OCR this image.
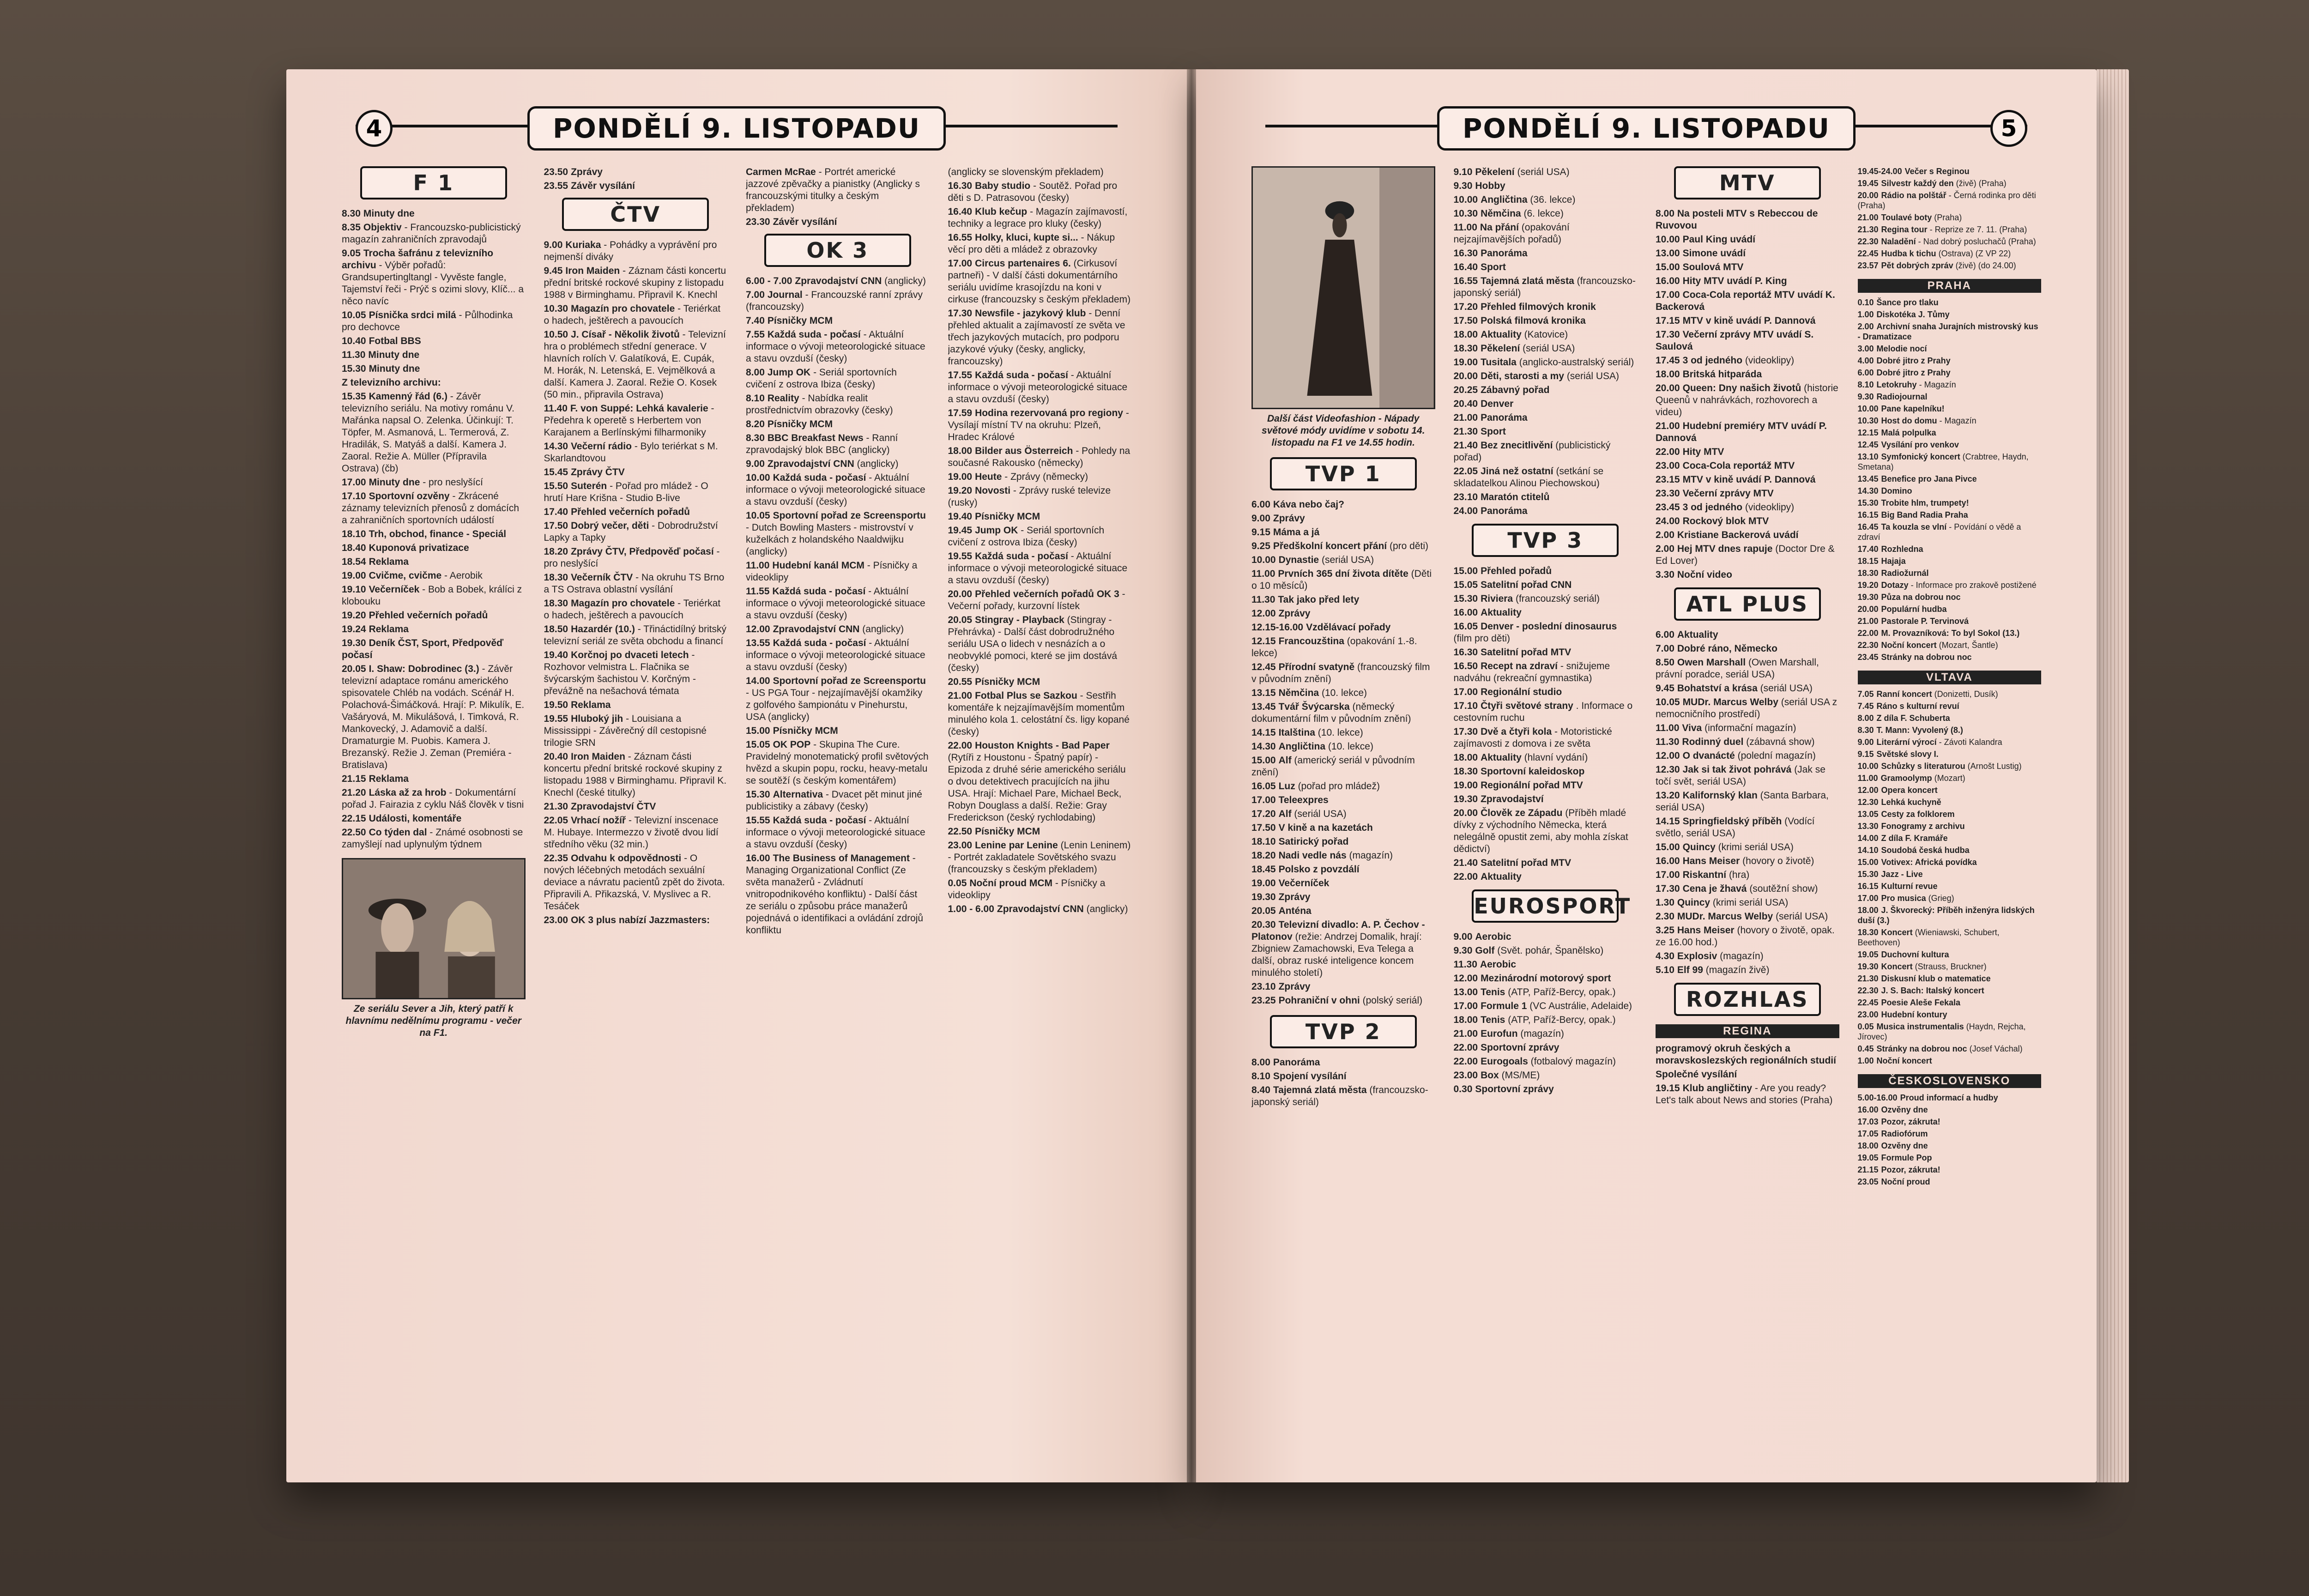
4	PONDĚLÍ 9. LISTOPADU
F 1
8.30 Minuty dne
8.35 Objektiv - Francouzsko-publicistický magazín zahraničních zpravodajů
9.05 Trocha šafránu z televizního archivu - Výběr pořadů: Grandsupertingltangl - Vyvěste fangle, Tajemství řeči - Prýč s ozimi slovy, Klíč... a něco navíc
10.05 Písnička srdci milá - Půlhodinka pro dechovce
10.40 Fotbal BBS
11.30 Minuty dne
15.30 Minuty dne
Z televizního archivu:
15.35 Kamenný řád (6.) - Závěr televizního seriálu. Na motivy románu V. Mařánka napsal O. Zelenka. Účinkují: T. Töpfer, M. Asmanová, L. Termerová, Z. Hradilák, S. Matyáš a další. Kamera J. Zaoral. Režie A. Müller (Přípravila Ostrava) (čb)
17.00 Minuty dne - pro neslyšící
17.10 Sportovní ozvěny - Zkrácené záznamy televizních přenosů z domácích a zahraničních sportovních událostí
18.10 Trh, obchod, finance - Speciál
18.40 Kuponová privatizace
18.54 Reklama
19.00 Cvičme, cvičme - Aerobik
19.10 Večerníček - Bob a Bobek, králíci z klobouku
19.20 Přehled večerních pořadů
19.24 Reklama
19.30 Deník ČST, Sport, Předpověď počasí
20.05 I. Shaw: Dobrodinec (3.) - Závěr televizní adaptace románu amerického spisovatele Chléb na vodách. Scénář H. Polachová-Šimáčková. Hrají: P. Mikulík, E. Vašáryová, M. Mikulášová, I. Timková, R. Mankovecký, J. Adamovič a další. Dramaturgie M. Puobis. Kamera J. Brezanský. Režie J. Zeman (Premiéra - Bratislava)
21.15 Reklama
21.20 Láska až za hrob - Dokumentární pořad J. Fairazia z cyklu Náš člověk v tisni
22.15 Události, komentáře
22.50 Co týden dal - Známé osobnosti se zamyšlejí nad uplynulým týdnem
Ze seriálu Sever a Jih, který patří k hlavnímu nedělnímu programu - večer na F1.
23.50 Zprávy
23.55 Závěr vysílání
ČTV
9.00 Kuriaka - Pohádky a vyprávění pro nejmenší diváky
9.45 Iron Maiden - Záznam části koncertu přední britské rockové skupiny z listopadu 1988 v Birminghamu. Připravil K. Knechl
10.30 Magazín pro chovatele - Teriérkat o hadech, ještěrech a pavoucích
10.50 J. Císař - Několik životů - Televizní hra o problémech střední generace. V hlavních rolích V. Galatíková, E. Cupák, M. Horák, N. Letenská, E. Vejmělková a další. Kamera J. Zaoral. Režie O. Kosek (50 min., připravila Ostrava)
11.40 F. von Suppé: Lehká kavalerie - Předehra k operetě s Herbertem von Karajanem a Berlínskými filharmoniky
14.30 Večerní rádio - Bylo teriérkat s M. Skarlandtovou
15.45 Zprávy ČTV
15.50 Suterén - Pořad pro mládež - O hrutí Hare Krišna - Studio B-live
17.40 Přehled večerních pořadů
17.50 Dobrý večer, děti - Dobrodružství Lapky a Tapky
18.20 Zprávy ČTV, Předpověď počasí - pro neslyšící
18.30 Večerník ČTV - Na okruhu TS Brno a TS Ostrava oblastní vysílání
18.30 Magazín pro chovatele - Teriérkat o hadech, ještěrech a pavoucích
18.50 Hazardér (10.) - Třináctidílný britský televizní seriál ze světa obchodu a financí
19.40 Korčnoj po dvaceti letech - Rozhovor velmistra L. Flačnika se švýcarským šachistou V. Korčným - převážně na nešachová témata
19.50 Reklama
19.55 Hluboký jih - Louisiana a Mississippi - Závěrečný díl cestopisné trilogie SRN
20.40 Iron Maiden - Záznam části koncertu přední britské rockové skupiny z listopadu 1988 v Birminghamu. Připravil K. Knechl (české titulky)
21.30 Zpravodajství ČTV
22.05 Vrhací nožíř - Televizní inscenace M. Hubaye. Intermezzo v životě dvou lidí středního věku (32 min.)
22.35 Odvahu k odpovědnosti - O nových léčebných metodách sexuální deviace a návratu pacientů zpět do života. Připravili A. Přikazská, V. Myslivec a R. Tesáček
23.00 OK 3 plus nabízí Jazzmasters:
Carmen McRae - Portrét americké jazzové zpěvačky a pianistky (Anglicky s francouzskými titulky a českým překladem)
23.30 Závěr vysílání
OK 3
6.00 - 7.00 Zpravodajství CNN (anglicky)
7.00 Journal - Francouzské ranní zprávy (francouzsky)
7.40 Písničky MCM
7.55 Každá suda - počasí - Aktuální informace o vývoji meteorologické situace a stavu ovzduší (česky)
8.00 Jump OK - Seriál sportovních cvičení z ostrova Ibiza (česky)
8.10 Reality - Nabídka realit prostřednictvím obrazovky (česky)
8.20 Písničky MCM
8.30 BBC Breakfast News - Ranní zpravodajský blok BBC (anglicky)
9.00 Zpravodajství CNN (anglicky)
10.00 Každá suda - počasí - Aktuální informace o vývoji meteorologické situace a stavu ovzduší (česky)
10.05 Sportovní pořad ze Screensportu - Dutch Bowling Masters - mistrovství v kuželkách z holandského Naaldwijku (anglicky)
11.00 Hudební kanál MCM - Písničky a videoklipy
11.55 Každá suda - počasí - Aktuální informace o vývoji meteorologické situace a stavu ovzduší (česky)
12.00 Zpravodajství CNN (anglicky)
13.55 Každá suda - počasí - Aktuální informace o vývoji meteorologické situace a stavu ovzduší (česky)
14.00 Sportovní pořad ze Screensportu - US PGA Tour - nejzajímavější okamžiky z golfového šampionátu v Pinehurstu, USA (anglicky)
15.00 Písničky MCM
15.05 OK POP - Skupina The Cure. Pravidelný monotematický profil světových hvězd a skupin popu, rocku, heavy-metalu se soutěží (s českým komentářem)
15.30 Alternativa - Dvacet pět minut jiné publicistiky a zábavy (česky)
15.55 Každá suda - počasí - Aktuální informace o vývoji meteorologické situace a stavu ovzduší (česky)
16.00 The Business of Management - Managing Organizational Conflict (Ze světa manažerů - Zvládnutí vnitropodnikového konfliktu) - Další část ze seriálu o způsobu práce manažerů pojednává o identifikaci a ovládání zdrojů konfliktu
(anglicky se slovenským překladem)
16.30 Baby studio - Soutěž. Pořad pro děti s D. Patrasovou (česky)
16.40 Klub kečup - Magazín zajímavostí, techniky a legrace pro kluky (česky)
16.55 Holky, kluci, kupte si... - Nákup věcí pro děti a mládež z obrazovky
17.00 Circus partenaires 6. (Cirkusoví partneři) - V další části dokumentárního seriálu uvidíme krasojízdu na koni v cirkuse (francouzsky s českým překladem)
17.30 Newsfile - jazykový klub - Denní přehled aktualit a zajímavostí ze světa ve třech jazykových mutacích, pro podporu jazykové výuky (česky, anglicky, francouzsky)
17.55 Každá suda - počasí - Aktuální informace o vývoji meteorologické situace a stavu ovzduší (česky)
17.59 Hodina rezervovaná pro regiony - Vysílají místní TV na okruhu: Plzeň, Hradec Králové
18.00 Bilder aus Österreich - Pohledy na současné Rakousko (německy)
19.00 Heute - Zprávy (německy)
19.20 Novosti - Zprávy ruské televize (rusky)
19.40 Písničky MCM
19.45 Jump OK - Seriál sportovních cvičení z ostrova Ibiza (česky)
19.55 Každá suda - počasí - Aktuální informace o vývoji meteorologické situace a stavu ovzduší (česky)
20.00 Přehled večerních pořadů OK 3 - Večerní pořady, kurzovní lístek
20.05 Stingray - Playback (Stingray - Přehrávka) - Další část dobrodružného seriálu USA o lidech v nesnázích a o neobvyklé pomoci, které se jim dostává (česky)
20.55 Písničky MCM
21.00 Fotbal Plus se Sazkou - Sestřih komentáře k nejzajímavějším momentům minulého kola 1. celostátní čs. ligy kopané (česky)
22.00 Houston Knights - Bad Paper (Rytíři z Houstonu - Špatný papír) - Epizoda z druhé série amerického seriálu o dvou detektivech pracujících na jihu USA. Hrají: Michael Pare, Michael Beck, Robyn Douglass a další. Režie: Gray Frederickson (český rychlodabing)
22.50 Písničky MCM
23.00 Lenine par Lenine (Lenin Leninem) - Portrét zakladatele Sovětského svazu (francouzsky s českým překladem)
0.05 Noční proud MCM - Písničky a videoklipy
1.00 - 6.00 Zpravodajství CNN (anglicky)
PONDĚLÍ 9. LISTOPADU	5
Další část Videofashion - Nápady světové módy uvidíme v sobotu 14. listopadu na F1 ve 14.55 hodin.
TVP 1
6.00 Káva nebo čaj?
9.00 Zprávy
9.15 Máma a já
9.25 Předškolní koncert přání (pro děti)
10.00 Dynastie (seriál USA)
11.00 Prvních 365 dní života dítěte (Děti o 10 měsíců)
11.30 Tak jako před lety
12.00 Zprávy
12.15-16.00 Vzdělávací pořady
12.15 Francouzština (opakování 1.-8. lekce)
12.45 Přírodní svatyně (francouzský film v původním znění)
13.15 Němčina (10. lekce)
13.45 Tvář Švýcarska (německý dokumentární film v původním znění)
14.15 Italština (10. lekce)
14.30 Angličtina (10. lekce)
15.00 Alf (americký seriál v původním znění)
16.05 Luz (pořad pro mládež)
17.00 Teleexpres
17.20 Alf (seriál USA)
17.50 V kině a na kazetách
18.10 Satirický pořad
18.20 Nadi vedle nás (magazín)
18.45 Polsko z povzdálí
19.00 Večerníček
19.30 Zprávy
20.05 Anténa
20.30 Televizní divadlo: A. P. Čechov - Platonov (režie: Andrzej Domalik, hrají: Zbigniew Zamachowski, Eva Telega a další, obraz ruské inteligence koncem minulého století)
23.10 Zprávy
23.25 Pohraniční v ohni (polský seriál)
TVP 2
8.00 Panoráma
8.10 Spojení vysílání
8.40 Tajemná zlatá města (francouzsko-japonský seriál)
9.10 Pěkelení (seriál USA)
9.30 Hobby
10.00 Angličtina (36. lekce)
10.30 Němčina (6. lekce)
11.00 Na přání (opakování nejzajímavějších pořadů)
16.30 Panoráma
16.40 Sport
16.55 Tajemná zlatá města (francouzsko-japonský seriál)
17.20 Přehled filmových kronik
17.50 Polská filmová kronika
18.00 Aktuality (Katovice)
18.30 Pěkelení (seriál USA)
19.00 Tusitala (anglicko-australský seriál)
20.00 Děti, starosti a my (seriál USA)
20.25 Zábavný pořad
20.40 Denver
21.00 Panoráma
21.30 Sport
21.40 Bez znecitlivění (publicistický pořad)
22.05 Jiná než ostatní (setkání se skladatelkou Alinou Piechowskou)
23.10 Maratón ctitelů
24.00 Panoráma
TVP 3
15.00 Přehled pořadů
15.05 Satelitní pořad CNN
15.30 Riviera (francouzský seriál)
16.00 Aktuality
16.05 Denver - poslední dinosaurus (film pro děti)
16.30 Satelitní pořad MTV
16.50 Recept na zdraví - snižujeme nadváhu (rekreační gymnastika)
17.00 Regionální studio
17.10 Čtyři světové strany . Informace o cestovním ruchu
17.30 Dvě a čtyři kola - Motoristické zajímavosti z domova i ze světa
18.00 Aktuality (hlavní vydání)
18.30 Sportovní kaleidoskop
19.00 Regionální pořad MTV
19.30 Zpravodajství
20.00 Člověk ze Západu (Příběh mladé dívky z východního Německa, která nelegálně opustit zemi, aby mohla získat dědictví)
21.40 Satelitní pořad MTV
22.00 Aktuality
EUROSPORT
9.00 Aerobic
9.30 Golf (Svět. pohár, Španělsko)
11.30 Aerobic
12.00 Mezinárodní motorový sport
13.00 Tenis (ATP, Paříž-Bercy, opak.)
17.00 Formule 1 (VC Austrálie, Adelaide)
18.00 Tenis (ATP, Paříž-Bercy, opak.)
21.00 Eurofun (magazín)
22.00 Sportovní zprávy
22.00 Eurogoals (fotbalový magazín)
23.00 Box (MS/ME)
0.30 Sportovní zprávy
MTV
8.00 Na posteli MTV s Rebeccou de Ruvovou
10.00 Paul King uvádí
13.00 Simone uvádí
15.00 Soulová MTV
16.00 Hity MTV uvádí P. King
17.00 Coca-Cola reportáž MTV uvádí K. Backerová
17.15 MTV v kině uvádí P. Dannová
17.30 Večerní zprávy MTV uvádí S. Saulová
17.45 3 od jedného (videoklipy)
18.00 Britská hitparáda
20.00 Queen: Dny našich životů (historie Queenů v nahrávkách, rozhovorech a videu)
21.00 Hudební premiéry MTV uvádí P. Dannová
22.00 Hity MTV
23.00 Coca-Cola reportáž MTV
23.15 MTV v kině uvádí P. Dannová
23.30 Večerní zprávy MTV
23.45 3 od jedného (videoklipy)
24.00 Rockový blok MTV
2.00 Kristiane Backerová uvádí
2.00 Hej MTV dnes rapuje (Doctor Dre & Ed Lover)
3.30 Noční video
ATL PLUS
6.00 Aktuality
7.00 Dobré ráno, Německo
8.50 Owen Marshall (Owen Marshall, právní poradce, seriál USA)
9.45 Bohatství a krása (seriál USA)
10.05 MUDr. Marcus Welby (seriál USA z nemocničního prostředí)
11.00 Viva (informační magazín)
11.30 Rodinný duel (zábavná show)
12.00 O dvanácté (polední magazín)
12.30 Jak si tak život pohrává (Jak se točí svět, seriál USA)
13.20 Kalifornský klan (Santa Barbara, seriál USA)
14.15 Springfieldský příběh (Vodící světlo, seriál USA)
15.00 Quincy (krimi seriál USA)
16.00 Hans Meiser (hovory o životě)
17.00 Riskantní (hra)
17.30 Cena je žhavá (soutěžní show)
1.30 Quincy (krimi seriál USA)
2.30 MUDr. Marcus Welby (seriál USA)
3.25 Hans Meiser (hovory o životě, opak. ze 16.00 hod.)
4.30 Explosiv (magazín)
5.10 Elf 99 (magazín živě)
ROZHLAS
REGINA
programový okruh českých a moravskoslezských regionálních studií
Společné vysílání
19.15 Klub angličtiny - Are you ready? Let's talk about News and stories (Praha)
19.45-24.00 Večer s Reginou
19.45 Silvestr každý den (živě) (Praha)
20.00 Rádio na polštář - Černá rodinka pro děti (Praha)
21.00 Toulavé boty (Praha)
21.30 Regina tour - Reprize ze 7. 11. (Praha)
22.30 Naladění - Nad dobrý posluchačů (Praha)
22.45 Hudba k tichu (Ostrava) (Z VP 22)
23.57 Pět dobrých zpráv (živě) (do 24.00)
PRAHA
0.10 Šance pro tlaku
1.00 Diskotéka J. Tůmy
2.00 Archivní snaha Jurajních mistrovský kus - Dramatizace
3.00 Melodie nocí
4.00 Dobré jitro z Prahy
6.00 Dobré jitro z Prahy
8.10 Letokruhy - Magazín
9.30 Radiojournal
10.00 Pane kapelníku!
10.30 Host do domu - Magazín
12.15 Malá polpulka
12.45 Vysílání pro venkov
13.10 Symfonický koncert (Crabtree, Haydn, Smetana)
13.45 Benefice pro Jana Pivce
14.30 Domino
15.30 Trobite hlm, trumpety!
16.15 Big Band Radia Praha
16.45 Ta kouzla se vlní - Povídání o vědě a zdraví
17.40 Rozhledna
18.15 Hajaja
18.30 Radiožurnál
19.20 Dotazy - Informace pro zrakově postižené
19.30 Půza na dobrou noc
20.00 Populární hudba
21.00 Pastorale P. Tervinová
22.00 M. Provazníková: To byl Sokol (13.)
22.30 Noční koncert (Mozart, Šantle)
23.45 Stránky na dobrou noc
VLTAVA
7.05 Ranní koncert (Donizetti, Dusík)
7.45 Ráno s kulturní revuí
8.00 Z díla F. Schuberta
8.30 T. Mann: Vyvolený (8.)
9.00 Literární výrocí - Závoti Kalandra
9.15 Světské slovy I.
10.00 Schůzky s literaturou (Arnošt Lustig)
11.00 Gramoolymp (Mozart)
12.00 Opera koncert
12.30 Lehká kuchyně
13.05 Cesty za folklorem
13.30 Fonogramy z archivu
14.00 Z díla F. Kramáře
14.10 Soudobá česká hudba
15.00 Votivex: Africká povídka
15.30 Jazz - Live
16.15 Kulturní revue
17.00 Pro musica (Grieg)
18.00 J. Škvorecký: Příběh inženýra lidských duší (3.)
18.30 Koncert (Wieniawski, Schubert, Beethoven)
19.05 Duchovní kultura
19.30 Koncert (Strauss, Bruckner)
21.30 Diskusní klub o matematice
22.30 J. S. Bach: Italský koncert
22.45 Poesie Aleše Fekala
23.00 Hudební kontury
0.05 Musica instrumentalis (Haydn, Rejcha, Jírovec)
0.45 Stránky na dobrou noc (Josef Váchal)
1.00 Noční koncert
ČESKOSLOVENSKO
5.00-16.00 Proud informací a hudby
16.00 Ozvěny dne
17.03 Pozor, zákruta!
17.05 Radiofórum
18.00 Ozvěny dne
19.05 Formule Pop
21.15 Pozor, zákruta!
23.05 Noční proud
